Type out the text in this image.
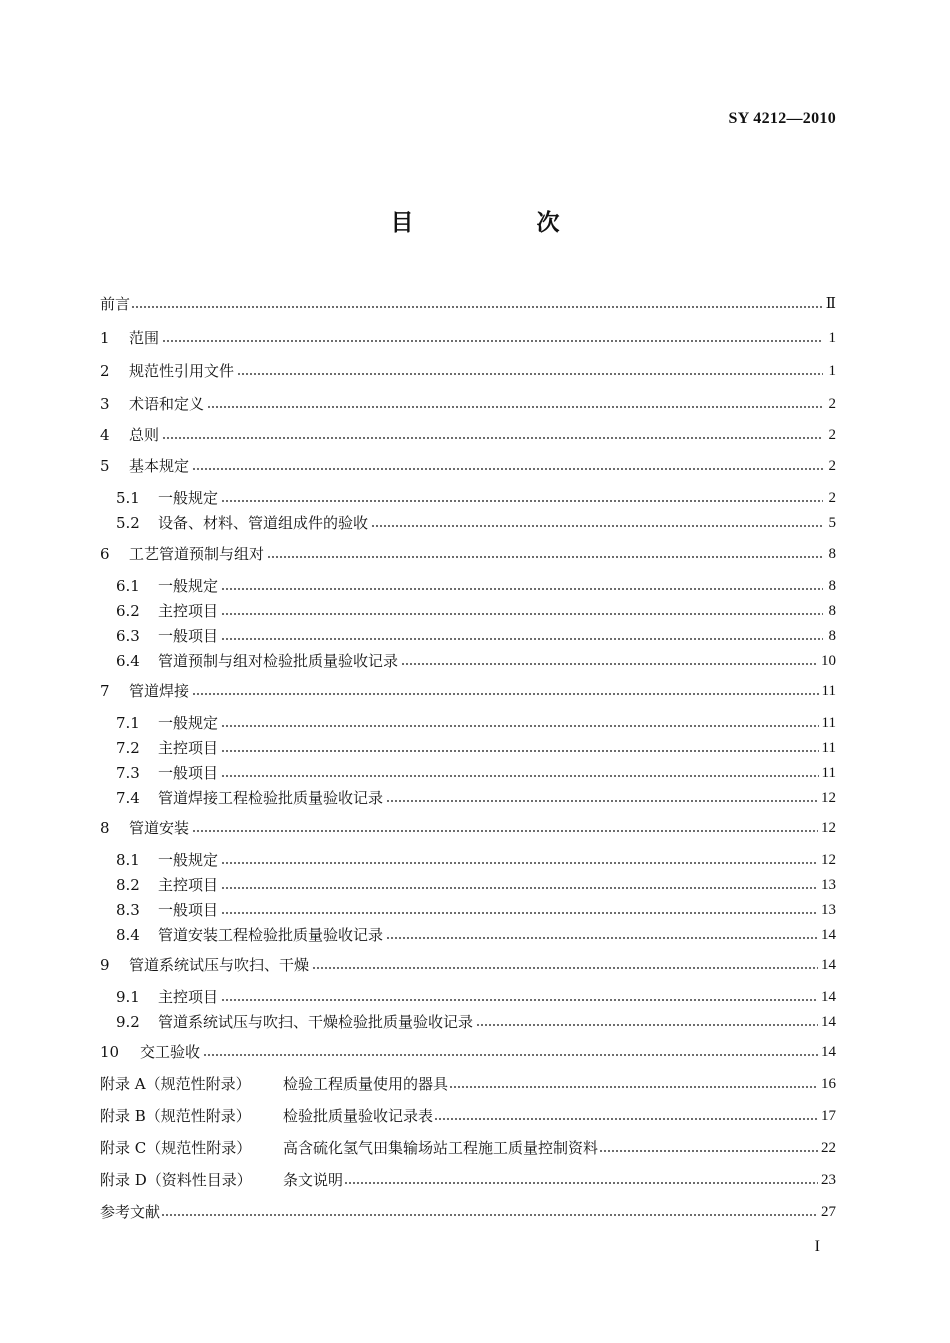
SY 4212—2010
目　次
前言	Ⅱ
1	范围	1
2	规范性引用文件	1
3	术语和定义	2
4	总则	2
5	基本规定	2
5.1	一般规定	2
5.2	设备、材料、管道组成件的验收	5
6	工艺管道预制与组对	8
6.1	一般规定	8
6.2	主控项目	8
6.3	一般项目	8
6.4	管道预制与组对检验批质量验收记录	10
7	管道焊接	11
7.1	一般规定	11
7.2	主控项目	11
7.3	一般项目	11
7.4	管道焊接工程检验批质量验收记录	12
8	管道安装	12
8.1	一般规定	12
8.2	主控项目	13
8.3	一般项目	13
8.4	管道安装工程检验批质量验收记录	14
9	管道系统试压与吹扫、干燥	14
9.1	主控项目	14
9.2	管道系统试压与吹扫、干燥检验批质量验收记录	14
10	交工验收	14
附录 A（规范性附录）	检验工程质量使用的器具	16
附录 B（规范性附录）	检验批质量验收记录表	17
附录 C（规范性附录）	高含硫化氢气田集输场站工程施工质量控制资料	22
附录 D（资料性目录）	条文说明	23
参考文献	27
I
